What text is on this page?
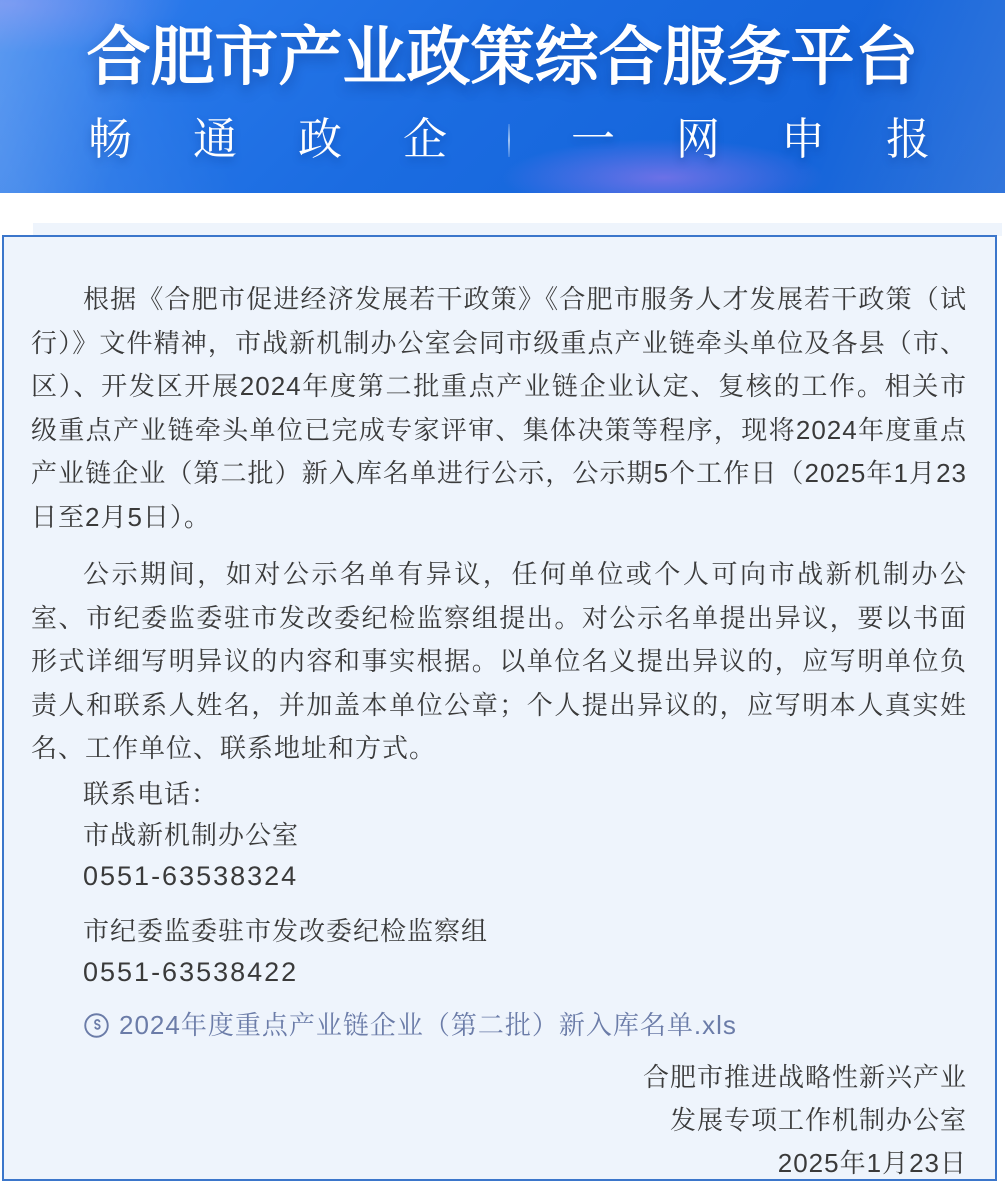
合肥市产业政策综合服务平台
畅 通 政 企	一 网 申 报

根据《合肥市促进经济发展若干政策》《合肥市服务人才发展若干政策（试行）》文件精神，市战新机制办公室会同市级重点产业链牵头单位及各县（市、区）、开发区开展2024年度第二批重点产业链企业认定、复核的工作。相关市级重点产业链牵头单位已完成专家评审、集体决策等程序，现将2024年度重点产业链企业（第二批）新入库名单进行公示，公示期5个工作日（2025年1月23日至2月5日）。

公示期间，如对公示名单有异议，任何单位或个人可向市战新机制办公室、市纪委监委驻市发改委纪检监察组提出。对公示名单提出异议，要以书面形式详细写明异议的内容和事实根据。以单位名义提出异议的，应写明单位负责人和联系人姓名，并加盖本单位公章；个人提出异议的，应写明本人真实姓名、工作单位、联系地址和方式。

联系电话：
市战新机制办公室
0551-63538324
市纪委监委驻市发改委纪检监察组
0551-63538422
2024年度重点产业链企业（第二批）新入库名单.xls
合肥市推进战略性新兴产业
发展专项工作机制办公室
2025年1月23日
